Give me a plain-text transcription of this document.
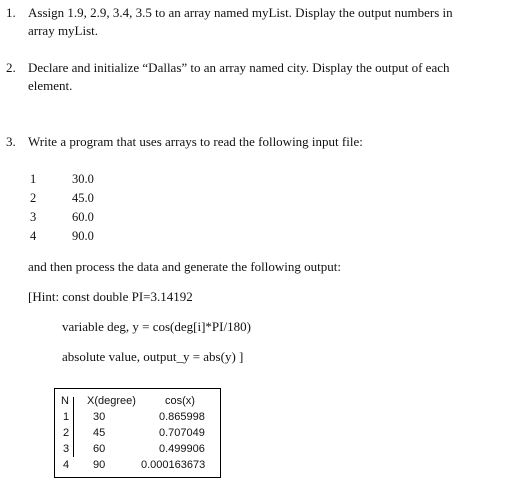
1. Assign 1.9, 2.9, 3.4, 3.5 to an array named myList. Display the output numbers in
array myList.
2. Declare and initialize “Dallas” to an array named city. Display the output of each
element.
3. Write a program that uses arrays to read the following input file:
1	30.0
2	45.0
3	60.0
4	90.0
and then process the data and generate the following output:
[Hint: const double PI=3.14192
variable deg, y = cos(deg[i]*PI/180)
absolute value, output_y = abs(y) ]
N X(degree)	cos(x)
1 30	0.865998
2 45	0.707049
3 60	0.499906
4 90	0.000163673
